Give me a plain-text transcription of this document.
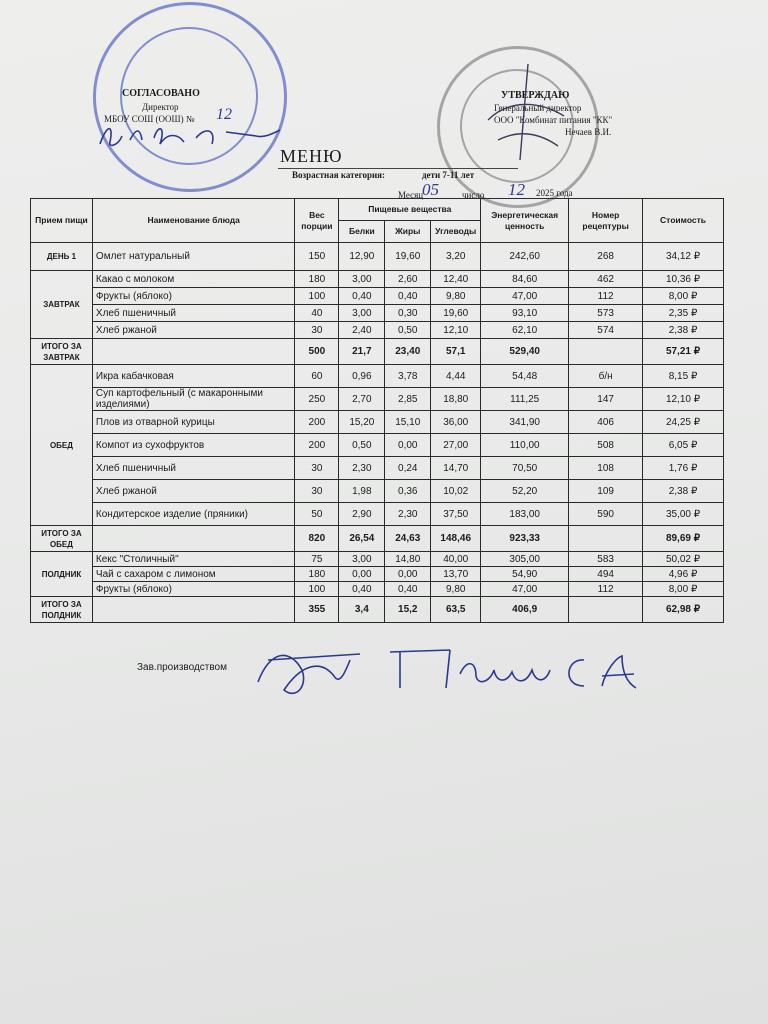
СОГЛАСОВАНО
Директор
МБОУ СОШ (ООШ) № 12
УТВЕРЖДАЮ
Генеральный директор
ООО "Комбинат питания "КК"
Нечаев В.И.
МЕНЮ
Возрастная категория:	дети 7-11 лет
Месяц
05	число 12 2025 года
Прием пищи	Наименование блюда	Вес порции	Пищевые вещества			Энергетическая ценность	Номер рецептуры	Стоимость
			Белки	Жиры	Углеводы			
ДЕНЬ 1	Омлет натуральный	150	12,90	19,60	3,20	242,60	268	34,12 ₽
ЗАВТРАК	Какао с молоком	180	3,00	2,60	12,40	84,60	462	10,36 ₽
	Фрукты (яблоко)	100	0,40	0,40	9,80	47,00	112	8,00 ₽
	Хлеб пшеничный	40	3,00	0,30	19,60	93,10	573	2,35 ₽
	Хлеб ржаной	30	2,40	0,50	12,10	62,10	574	2,38 ₽
ИТОГО ЗА ЗАВТРАК		500	21,7	23,40	57,1	529,40		57,21 ₽
ОБЕД	Икра кабачковая	60	0,96	3,78	4,44	54,48	б/н	8,15 ₽
	Суп картофельный (с макаронными изделиями)	250	2,70	2,85	18,80	111,25	147	12,10 ₽
	Плов из отварной курицы	200	15,20	15,10	36,00	341,90	406	24,25 ₽
	Компот из сухофруктов	200	0,50	0,00	27,00	110,00	508	6,05 ₽
	Хлеб пшеничный	30	2,30	0,24	14,70	70,50	108	1,76 ₽
	Хлеб ржаной	30	1,98	0,36	10,02	52,20	109	2,38 ₽
	Кондитерское изделие (пряники)	50	2,90	2,30	37,50	183,00	590	35,00 ₽
ИТОГО ЗА ОБЕД		820	26,54	24,63	148,46	923,33		89,69 ₽
ПОЛДНИК	Кекс "Столичный"	75	3,00	14,80	40,00	305,00	583	50,02 ₽
	Чай с сахаром с лимоном	180	0,00	0,00	13,70	54,90	494	4,96 ₽
	Фрукты (яблоко)	100	0,40	0,40	9,80	47,00	112	8,00 ₽
ИТОГО ЗА ПОЛДНИК		355	3,4	15,2	63,5	406,9		62,98 ₽
Зав.производством
